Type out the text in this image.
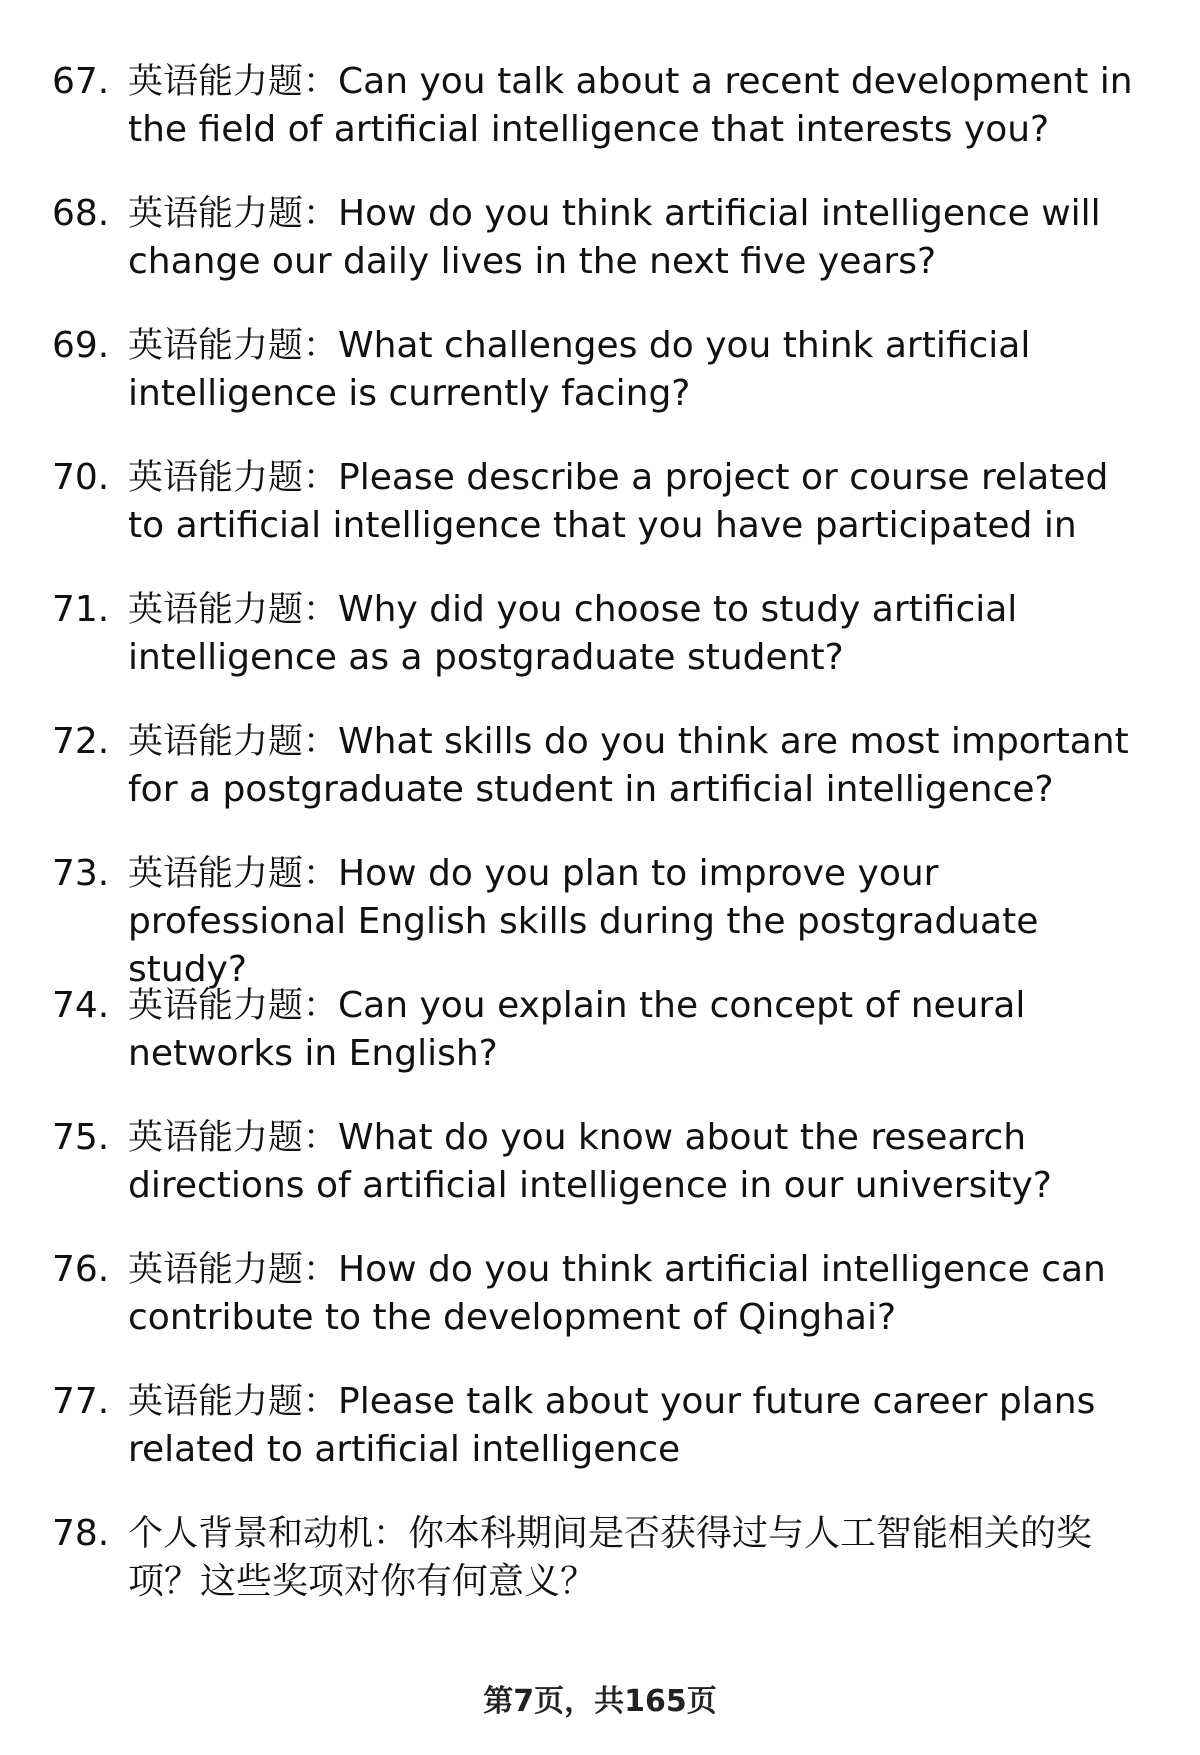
67. 英语能力题：Can you talk about a recent development in the field of artificial intelligence that interests you?
68. 英语能力题：How do you think artificial intelligence will change our daily lives in the next five years?
69. 英语能力题：What challenges do you think artificial intelligence is currently facing?
70. 英语能力题：Please describe a project or course related to artificial intelligence that you have participated in
71. 英语能力题：Why did you choose to study artificial intelligence as a postgraduate student?
72. 英语能力题：What skills do you think are most important for a postgraduate student in artificial intelligence?
73. 英语能力题：How do you plan to improve your professional English skills during the postgraduate study?
74. 英语能力题：Can you explain the concept of neural networks in English?
75. 英语能力题：What do you know about the research directions of artificial intelligence in our university?
76. 英语能力题：How do you think artificial intelligence can contribute to the development of Qinghai?
77. 英语能力题：Please talk about your future career plans related to artificial intelligence
78. 个人背景和动机：你本科期间是否获得过与人工智能相关的奖项？这些奖项对你有何意义？
第7页，共165页
